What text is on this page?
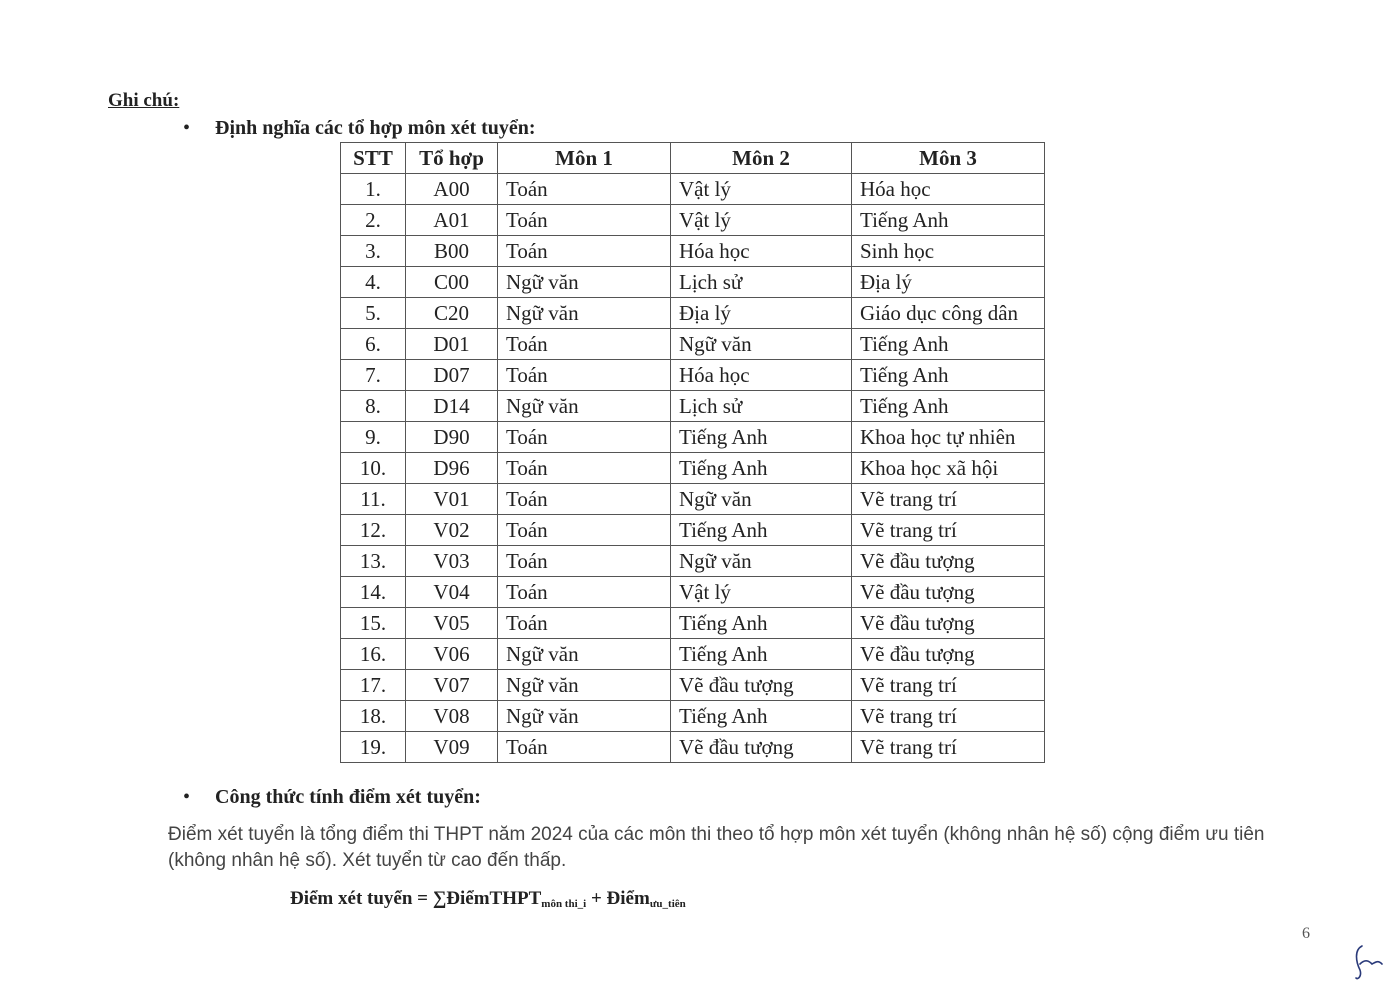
Ghi chú:

• Định nghĩa các tổ hợp môn xét tuyển:
STT	Tổ hợp	Môn 1	Môn 2	Môn 3
1.	A00	Toán	Vật lý	Hóa học
2.	A01	Toán	Vật lý	Tiếng Anh
3.	B00	Toán	Hóa học	Sinh học
4.	C00	Ngữ văn	Lịch sử	Địa lý
5.	C20	Ngữ văn	Địa lý	Giáo dục công dân
6.	D01	Toán	Ngữ văn	Tiếng Anh
7.	D07	Toán	Hóa học	Tiếng Anh
8.	D14	Ngữ văn	Lịch sử	Tiếng Anh
9.	D90	Toán	Tiếng Anh	Khoa học tự nhiên
10.	D96	Toán	Tiếng Anh	Khoa học xã hội
11.	V01	Toán	Ngữ văn	Vẽ trang trí
12.	V02	Toán	Tiếng Anh	Vẽ trang trí
13.	V03	Toán	Ngữ văn	Vẽ đầu tượng
14.	V04	Toán	Vật lý	Vẽ đầu tượng
15.	V05	Toán	Tiếng Anh	Vẽ đầu tượng
16.	V06	Ngữ văn	Tiếng Anh	Vẽ đầu tượng
17.	V07	Ngữ văn	Vẽ đầu tượng	Vẽ trang trí
18.	V08	Ngữ văn	Tiếng Anh	Vẽ trang trí
19.	V09	Toán	Vẽ đầu tượng	Vẽ trang trí
• Công thức tính điểm xét tuyển:

Điểm xét tuyển là tổng điểm thi THPT năm 2024 của các môn thi theo tổ hợp môn xét tuyển (không nhân hệ số) cộng điểm ưu tiên (không nhân hệ số). Xét tuyển từ cao đến thấp.

Điểm xét tuyển = ∑ĐiểmTHPT$_{môn thi\_i}$ + Điểm$_{ưu\_tiên}$
6
